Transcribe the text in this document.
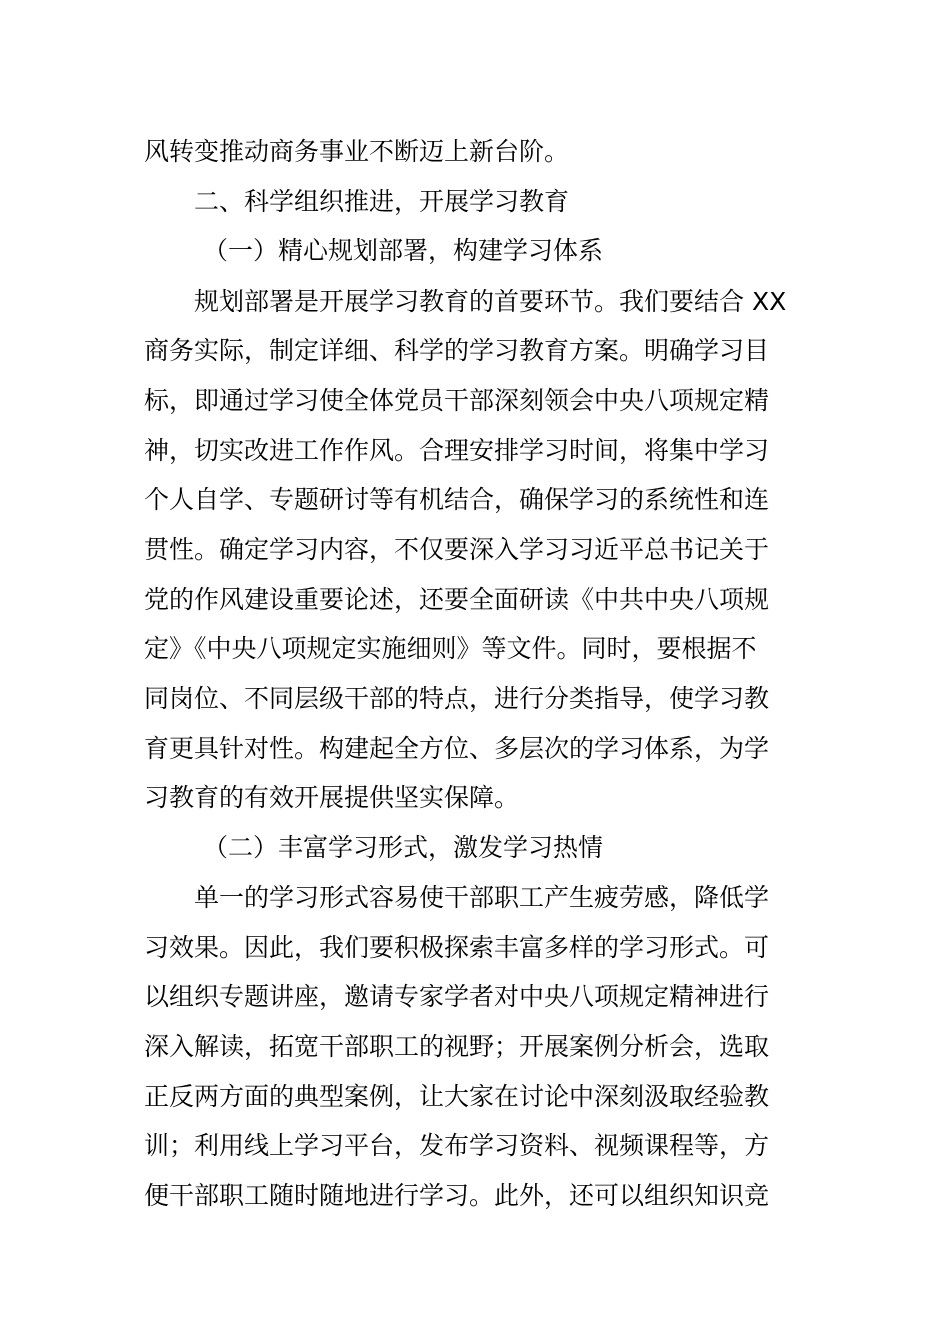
风转变推动商务事业不断迈上新台阶。
二、科学组织推进，开展学习教育
（一）精心规划部署，构建学习体系
规划部署是开展学习教育的首要环节。我们要结合 XX
商务实际，制定详细、科学的学习教育方案。明确学习目
标，即通过学习使全体党员干部深刻领会中央八项规定精
神，切实改进工作作风。合理安排学习时间，将集中学习
个人自学、专题研讨等有机结合，确保学习的系统性和连
贯性。确定学习内容，不仅要深入学习习近平总书记关于
党的作风建设重要论述，还要全面研读《中共中央八项规
定》《中央八项规定实施细则》等文件。同时，要根据不
同岗位、不同层级干部的特点，进行分类指导，使学习教
育更具针对性。构建起全方位、多层次的学习体系，为学
习教育的有效开展提供坚实保障。
（二）丰富学习形式，激发学习热情
单一的学习形式容易使干部职工产生疲劳感，降低学
习效果。因此，我们要积极探索丰富多样的学习形式。可
以组织专题讲座，邀请专家学者对中央八项规定精神进行
深入解读，拓宽干部职工的视野；开展案例分析会，选取
正反两方面的典型案例，让大家在讨论中深刻汲取经验教
训；利用线上学习平台，发布学习资料、视频课程等，方
便干部职工随时随地进行学习。此外，还可以组织知识竞
